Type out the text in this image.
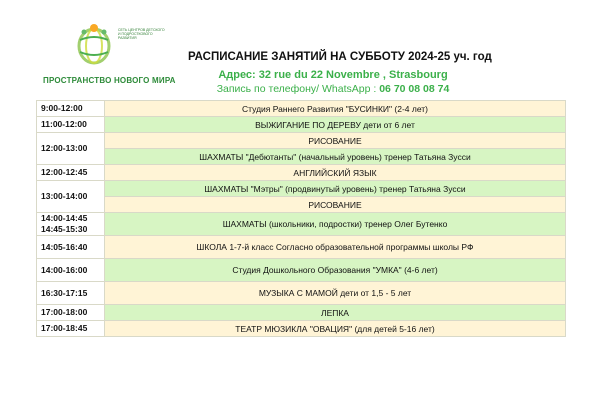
СЕТЬ ЦЕНТРОВ ДЕТСКОГО И ПОДРОСТКОВОГО РАЗВИТИЯ
ПРОСТРАНСТВО НОВОГО МИРА
РАСПИСАНИЕ ЗАНЯТИЙ НА СУББОТУ 2024-25 уч. год
Адрес: 32 rue du 22 Novembre , Strasbourg
Запись по телефону/ WhatsApp : 06 70 08 08 74
9:00-12:00	Студия Раннего Развития "БУСИНКИ" (2-4 лет)
11:00-12:00	ВЫЖИГАНИЕ ПО ДЕРЕВУ дети от 6 лет
12:00-13:00	РИСОВАНИЕ
	ШАХМАТЫ "Дебютанты" (начальный уровень) тренер Татьяна Зусси
12:00-12:45	АНГЛИЙСКИЙ ЯЗЫК
13:00-14:00	ШАХМАТЫ "Мэтры" (продвинутый уровень) тренер Татьяна Зусси
	РИСОВАНИЕ

14:00-14:45
14:45-15:30	ШАХМАТЫ (школьники, подростки) тренер Олег Бутенко
14:05-16:40	ШКОЛА 1-7-й класс Согласно образовательной программы школы РФ
14:00-16:00	Студия Дошкольного Образования "УМКА" (4-6 лет)
16:30-17:15	МУЗЫКА С МАМОЙ дети от 1,5 - 5 лет
17:00-18:00	ЛЕПКА
17:00-18:45	ТЕАТР МЮЗИКЛА "ОВАЦИЯ" (для детей 5-16 лет)
